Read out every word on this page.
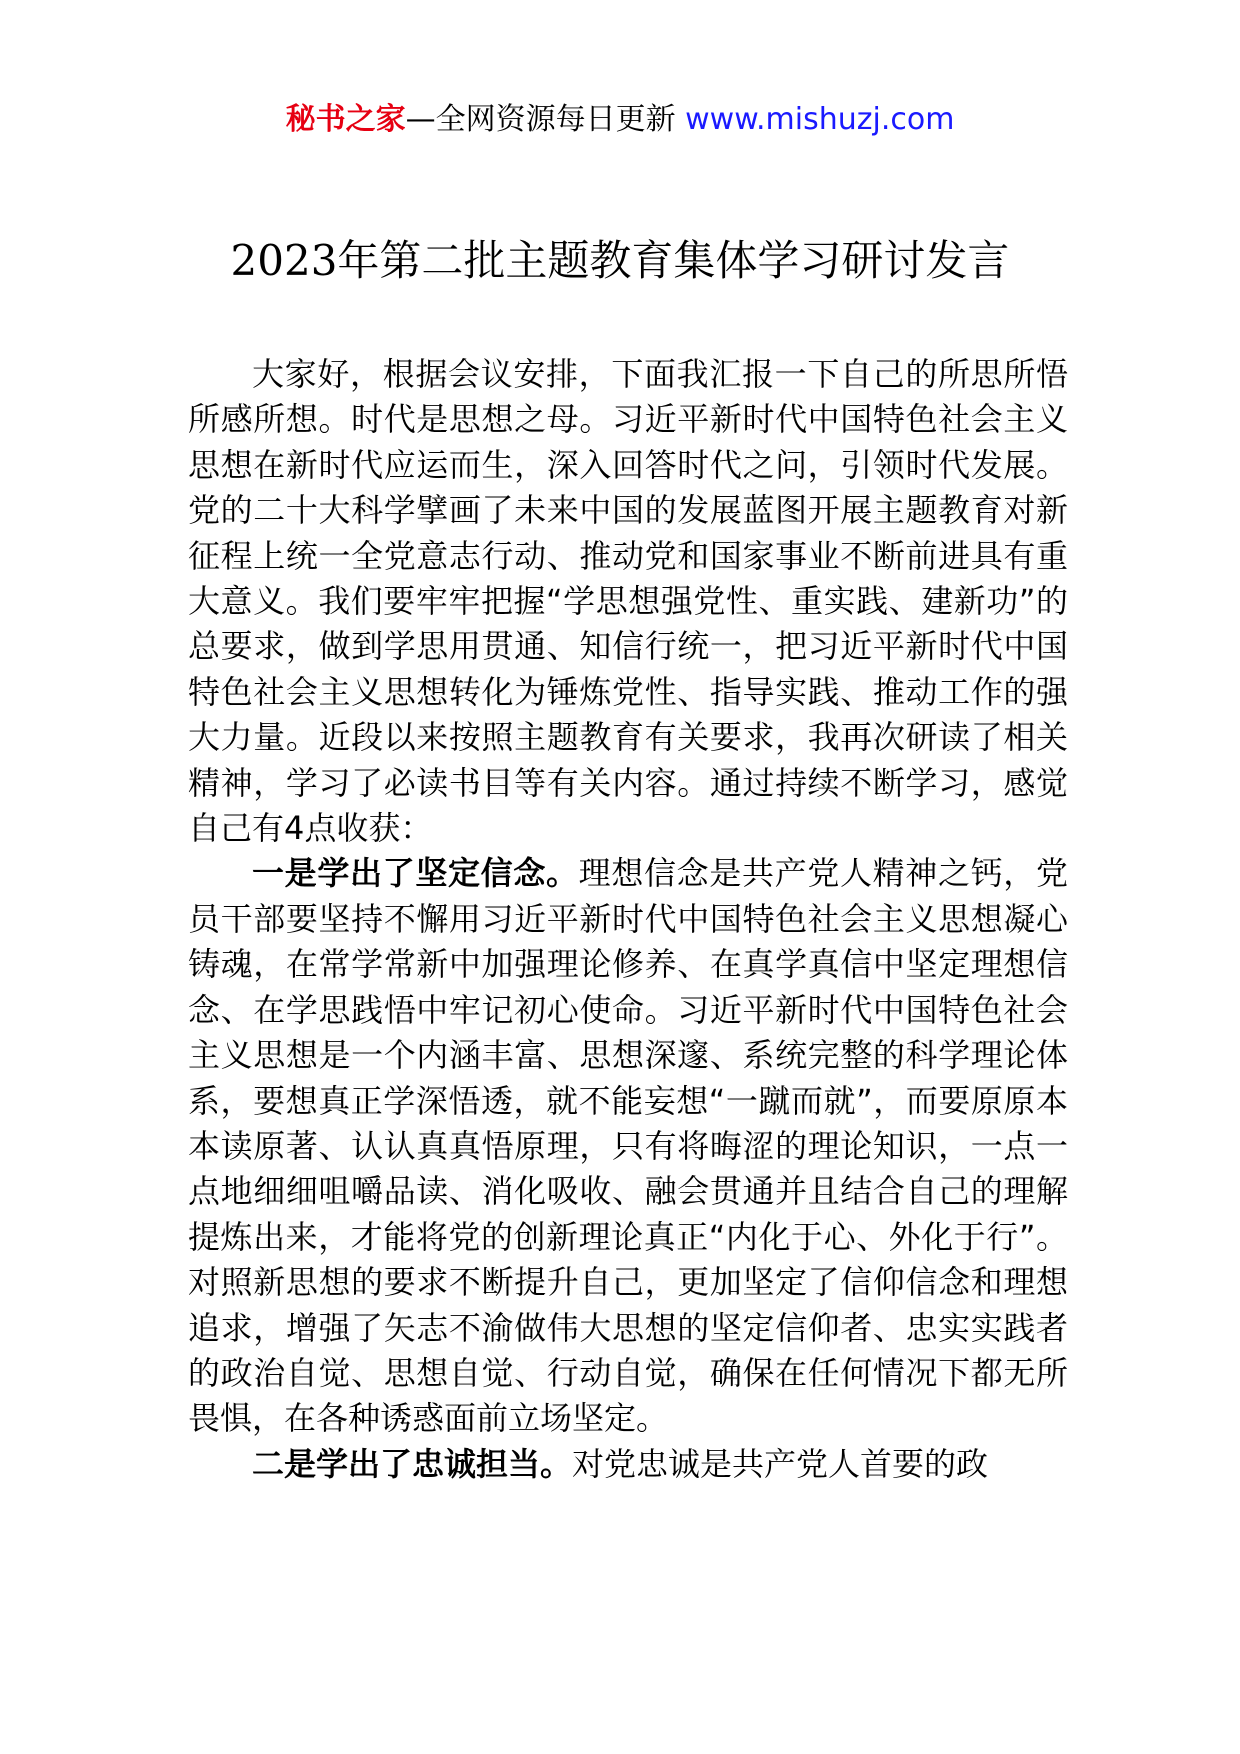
秘书之家—全网资源每日更新 www.mishuzj.com
2023年第二批主题教育集体学习研讨发言

大家好，根据会议安排，下面我汇报一下自己的所思所悟所感所想。时代是思想之母。习近平新时代中国特色社会主义思想在新时代应运而生，深入回答时代之问，引领时代发展。党的二十大科学擘画了未来中国的发展蓝图开展主题教育对新征程上统一全党意志行动、推动党和国家事业不断前进具有重大意义。我们要牢牢把握“学思想强党性、重实践、建新功”的总要求，做到学思用贯通、知信行统一，把习近平新时代中国特色社会主义思想转化为锤炼党性、指导实践、推动工作的强大力量。近段以来按照主题教育有关要求，我再次研读了相关精神，学习了必读书目等有关内容。通过持续不断学习，感觉自己有4点收获：

一是学出了坚定信念。理想信念是共产党人精神之钙，党员干部要坚持不懈用习近平新时代中国特色社会主义思想凝心铸魂，在常学常新中加强理论修养、在真学真信中坚定理想信念、在学思践悟中牢记初心使命。习近平新时代中国特色社会主义思想是一个内涵丰富、思想深邃、系统完整的科学理论体系，要想真正学深悟透，就不能妄想“一蹴而就”，而要原原本本读原著、认认真真悟原理，只有将晦涩的理论知识，一点一点地细细咀嚼品读、消化吸收、融会贯通并且结合自己的理解提炼出来，才能将党的创新理论真正“内化于心、外化于行”。对照新思想的要求不断提升自己，更加坚定了信仰信念和理想追求，增强了矢志不渝做伟大思想的坚定信仰者、忠实实践者的政治自觉、思想自觉、行动自觉，确保在任何情况下都无所畏惧，在各种诱惑面前立场坚定。

二是学出了忠诚担当。对党忠诚是共产党人首要的政
